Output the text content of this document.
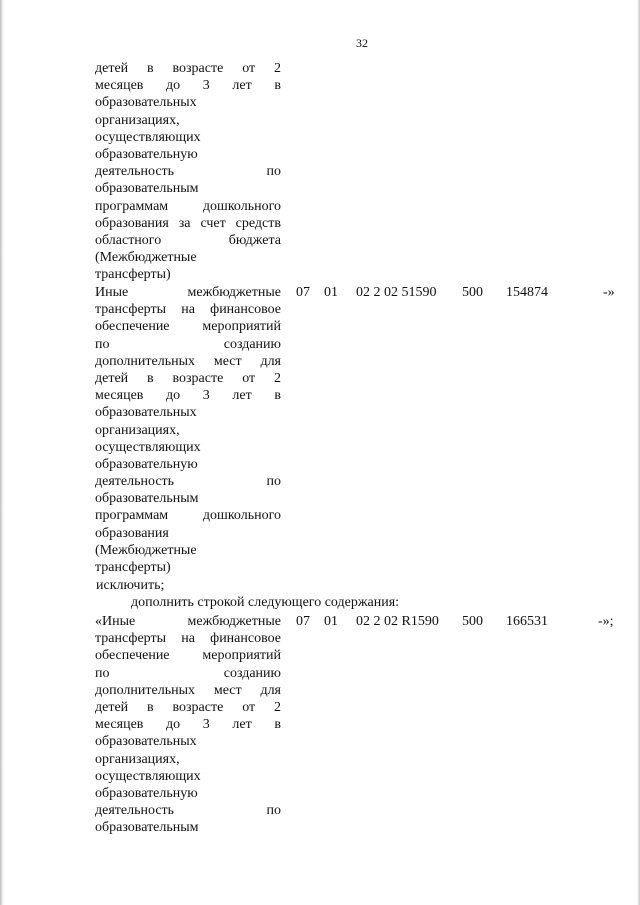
32
детей в возрасте от 2
месяцев до 3 лет в
образовательных
организациях,
осуществляющих
образовательную
деятельность по
образовательным
программам дошкольного
образования за счет средств
областного бюджета
(Межбюджетные
трансферты)
Иные межбюджетные
трансферты на финансовое
обеспечение мероприятий
по созданию
дополнительных мест для
детей в возрасте от 2
месяцев до 3 лет в
образовательных
организациях,
осуществляющих
образовательную
деятельность по
образовательным
программам дошкольного
образования
(Межбюджетные
трансферты)
07 01 02 2 02 51590 500 154874	-»
исключить;
дополнить строкой следующего содержания:
«Иные межбюджетные
трансферты на финансовое
обеспечение мероприятий
по созданию
дополнительных мест для
детей в возрасте от 2
месяцев до 3 лет в
образовательных
организациях,
осуществляющих
образовательную
деятельность по
образовательным
07 01 02 2 02 R1590 500 166531	-»;
